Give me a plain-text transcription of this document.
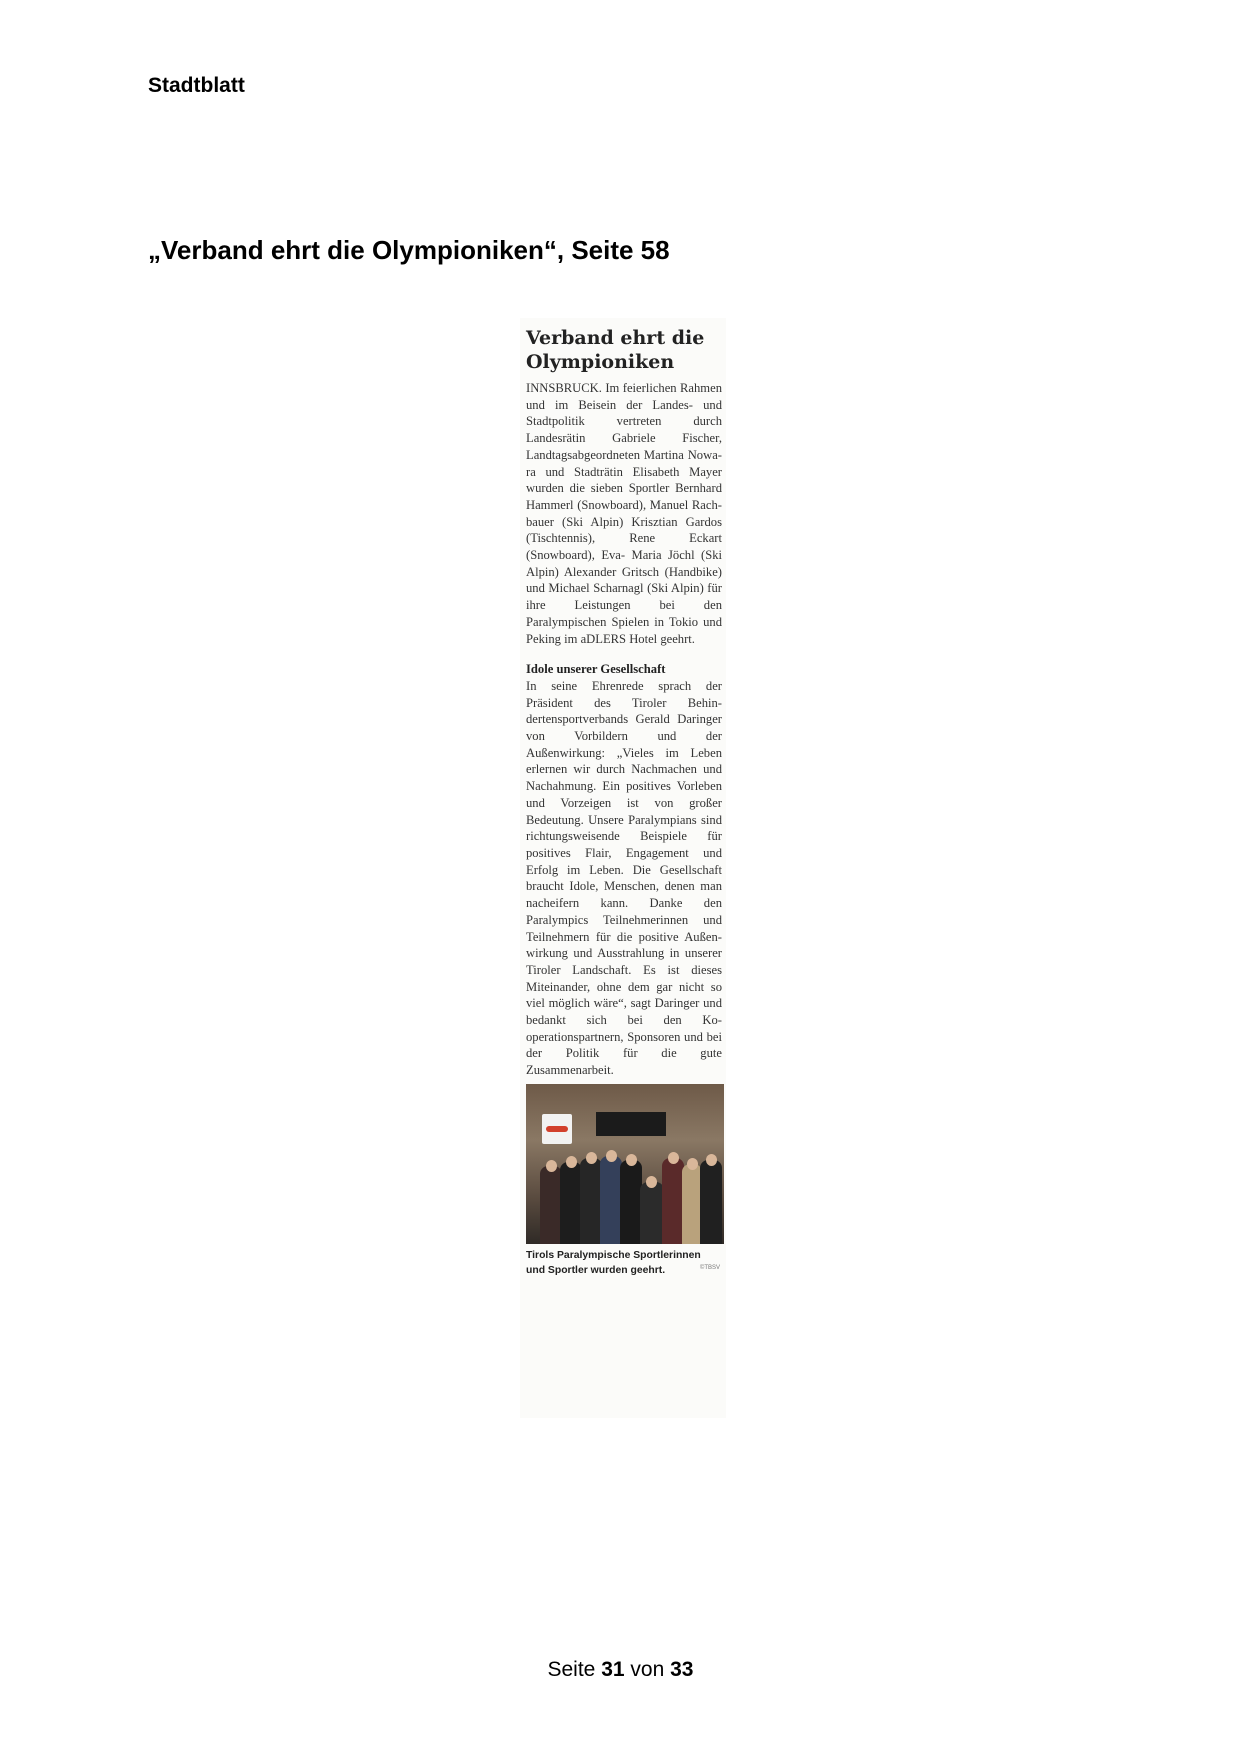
Stadtblatt
„Verband ehrt die Olympioniken“, Seite 58
Verband ehrt die Olympioniken

INNSBRUCK. Im feierlichen Rahmen und im Beisein der Landes- und Stadtpolitik vertreten durch Landesrätin Gabriele Fischer, Landtagsabgeordneten Martina Nowara und Stadträtin Elisabeth Mayer wurden die sieben Sportler Bernhard Hammerl (Snowboard), Manuel Rachbauer (Ski Alpin) Krisztian Gardos (Tischtennis), Rene Eckart (Snowboard), Eva- Maria Jöchl (Ski Alpin) Alexander Gritsch (Handbike) und Michael Scharnagl (Ski Alpin) für ihre Leistungen bei den Paralympischen Spielen in Tokio und Peking im aDLERS Hotel geehrt.

Idole unserer Gesellschaft

In seine Ehrenrede sprach der Präsident des Tiroler Behindertensportverbands Gerald Daringer von Vorbildern und der Außenwirkung: „Vieles im Leben erlernen wir durch Nachmachen und Nachahmung. Ein positives Vorleben und Vorzeigen ist von großer Bedeutung. Unsere Paralympians sind richtungsweisende Beispiele für positives Flair, Engagement und Erfolg im Leben. Die Gesellschaft braucht Idole, Menschen, denen man nacheifern kann. Danke den Paralympics Teilnehmerinnen und Teilnehmern für die positive Außenwirkung und Ausstrahlung in unserer Tiroler Landschaft. Es ist dieses Miteinander, ohne dem gar nicht so viel möglich wäre“, sagt Daringer und bedankt sich bei den Kooperationspartnern, Sponsoren und bei der Politik für die gute Zusammenarbeit.

Tirols Paralympische Sportlerinnen und Sportler wurden geehrt.	©TBSV
Seite 31 von 33
